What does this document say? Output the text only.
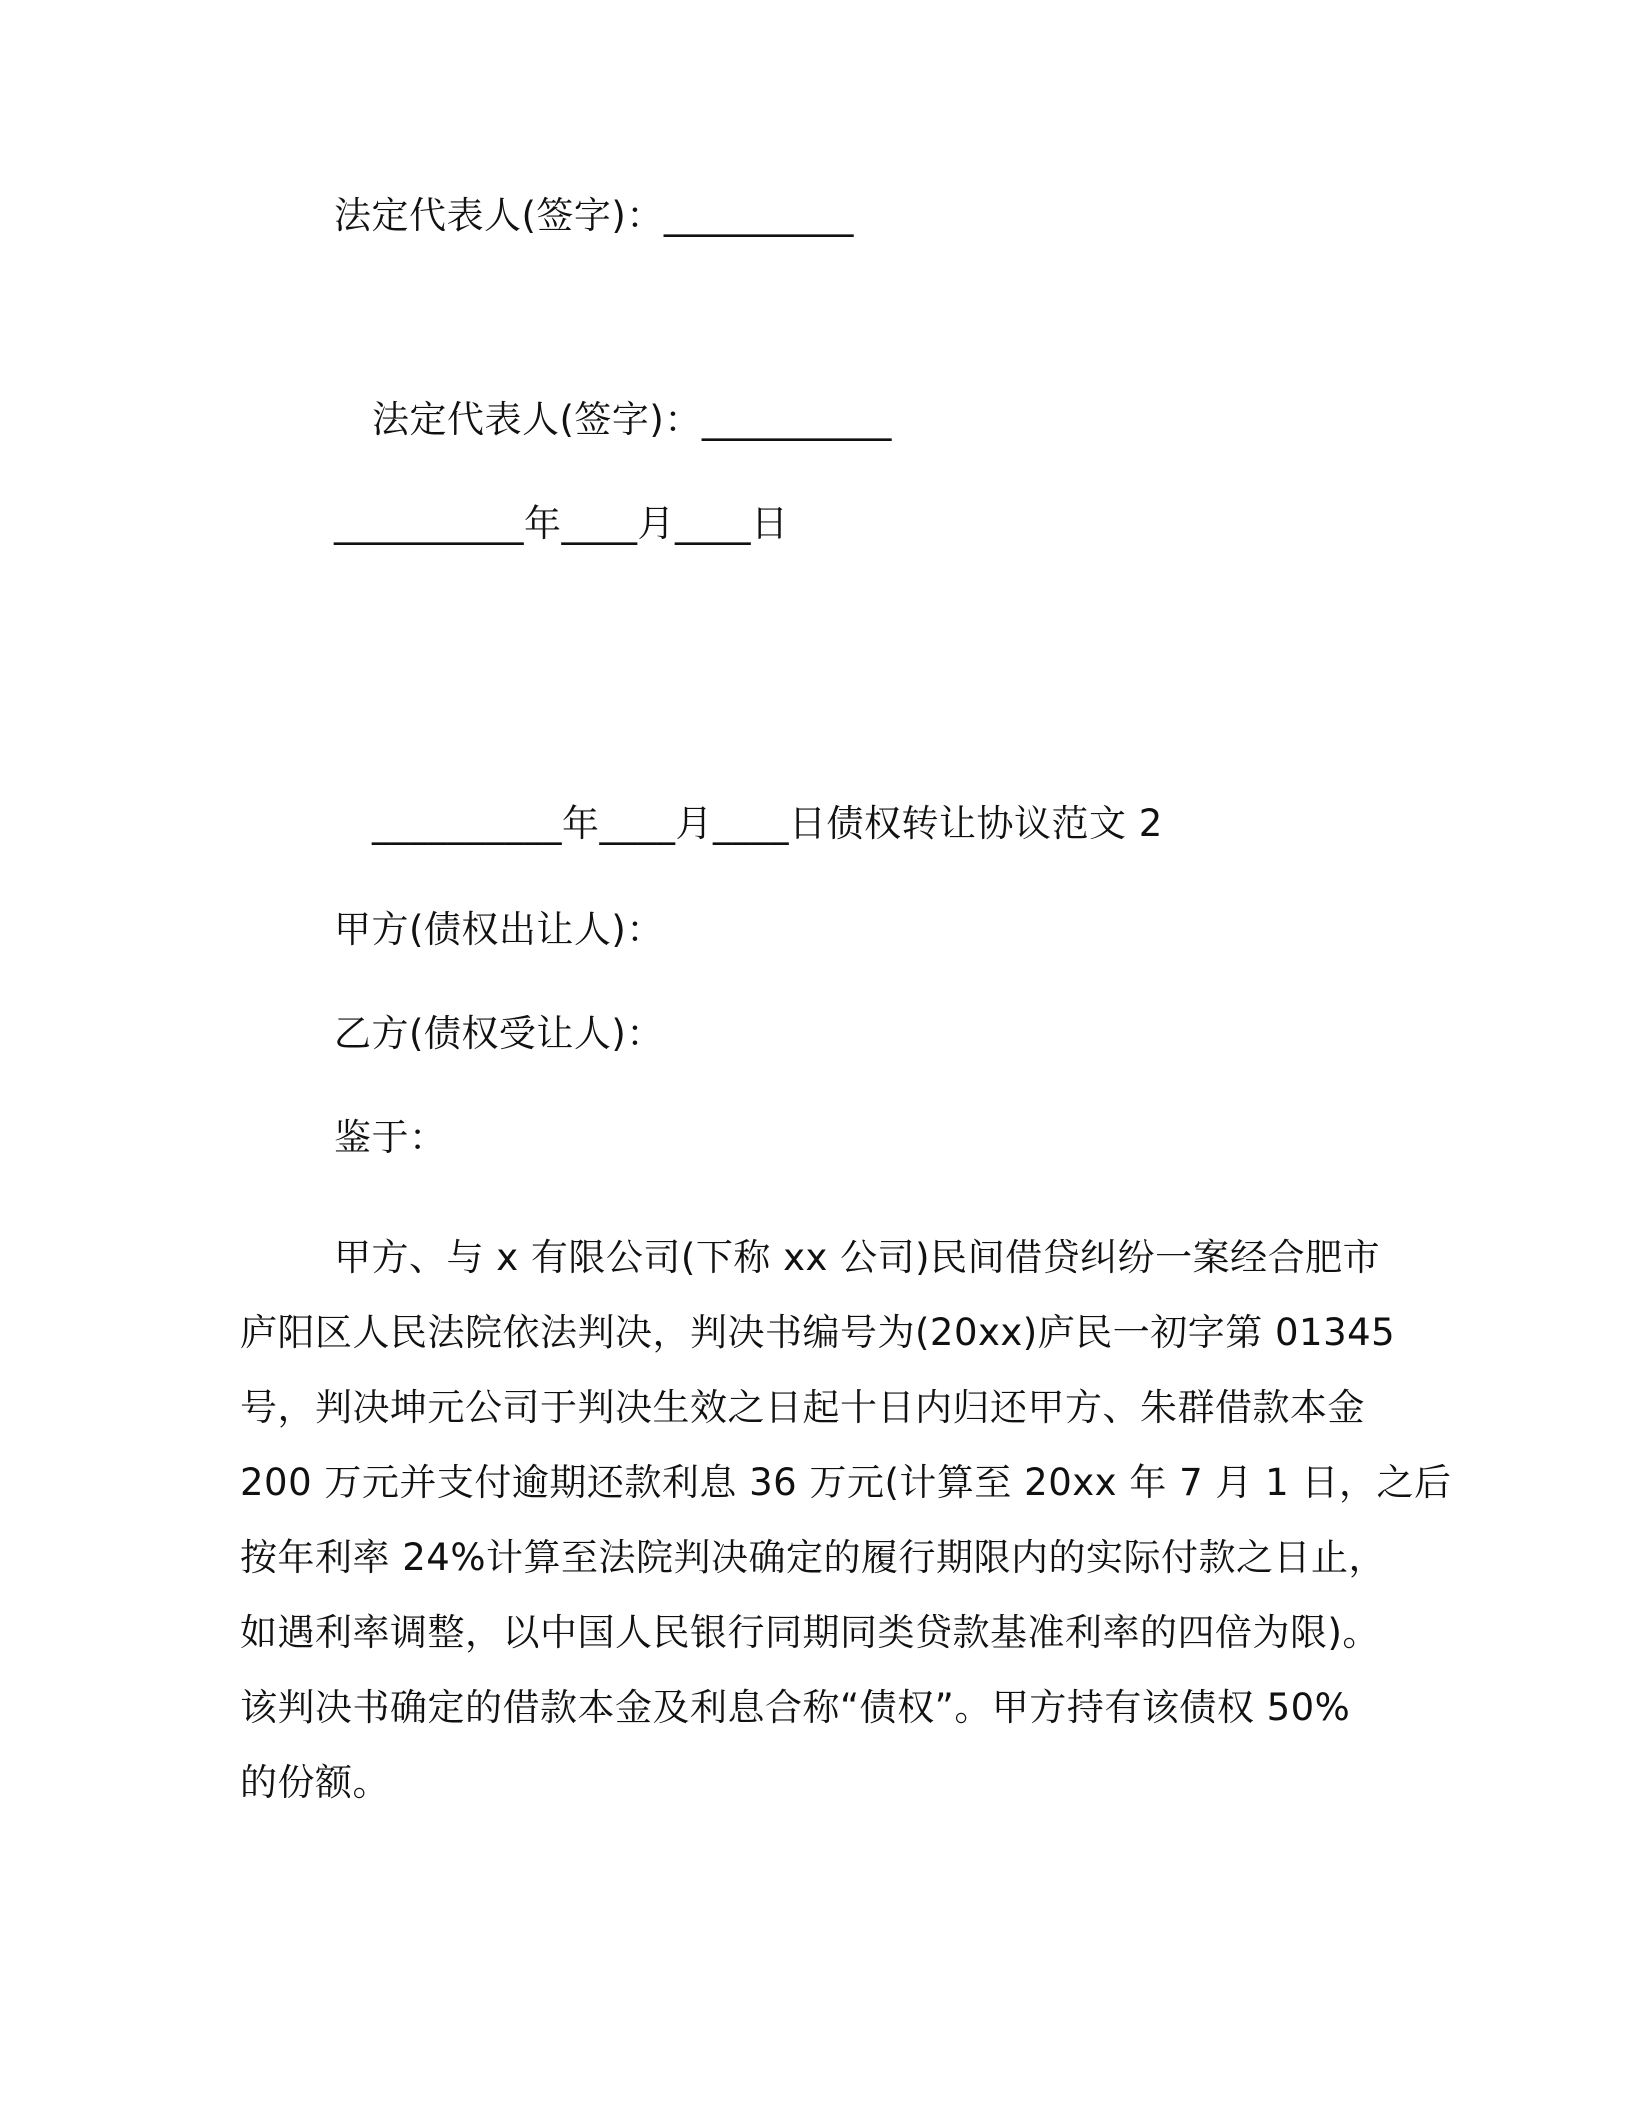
法定代表人(签字)：__________
法定代表人(签字)：__________
__________年____月____日
__________年____月____日债权转让协议范文 2
甲方(债权出让人)：
乙方(债权受让人)：
鉴于：
甲方、与 x 有限公司(下称 xx 公司)民间借贷纠纷一案经合肥市
庐阳区人民法院依法判决，判决书编号为(20xx)庐民一初字第 01345
号，判决坤元公司于判决生效之日起十日内归还甲方、朱群借款本金
200 万元并支付逾期还款利息 36 万元(计算至 20xx 年 7 月 1 日，之后
按年利率 24%计算至法院判决确定的履行期限内的实际付款之日止，
如遇利率调整，以中国人民银行同期同类贷款基准利率的四倍为限)。
该判决书确定的借款本金及利息合称“债权”。甲方持有该债权 50%
的份额。
